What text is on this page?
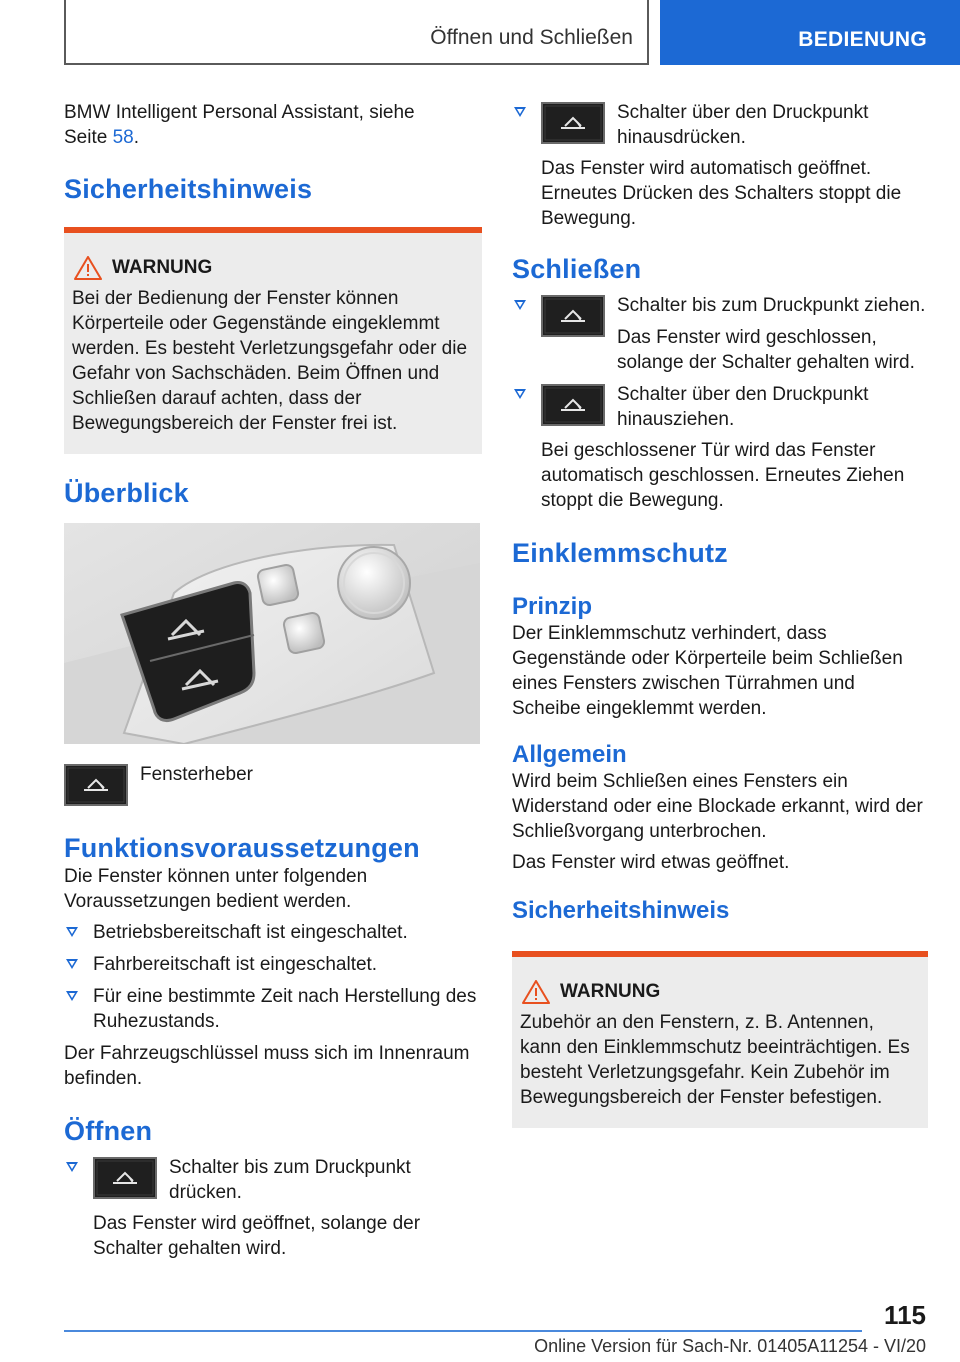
Öffnen und Schließen	BEDIENUNG

BMW Intelligent Personal Assistant, siehe
Seite 58.

Sicherheitshinweis
WARNUNG
Bei der Bedienung der Fenster können Körperteile oder Gegenstände eingeklemmt werden. Es besteht Verletzungsgefahr oder die Gefahr von Sachschäden. Beim Öffnen und Schließen darauf achten, dass der Bewegungsbereich der Fenster frei ist.
Überblick
Fensterheber
Funktionsvoraussetzungen

Die Fenster können unter folgenden Voraussetzungen bedient werden.

Betriebsbereitschaft ist eingeschaltet.
Fahrbereitschaft ist eingeschaltet.
Für eine bestimmte Zeit nach Herstellung des Ruhezustands.

Der Fahrzeugschlüssel muss sich im Innenraum befinden.

Öffnen
Schalter bis zum Druckpunkt drücken.

Das Fenster wird geöffnet, solange der Schalter gehalten wird.

Schalter über den Druckpunkt hinausdrücken.

Das Fenster wird automatisch geöffnet. Erneutes Drücken des Schalters stoppt die Bewegung.

Schließen
Schalter bis zum Druckpunkt ziehen.

Das Fenster wird geschlossen, solange der Schalter gehalten wird.

Schalter über den Druckpunkt hinausziehen.

Bei geschlossener Tür wird das Fenster automatisch geschlossen. Erneutes Ziehen stoppt die Bewegung.

Einklemmschutz
Prinzip

Der Einklemmschutz verhindert, dass Gegenstände oder Körperteile beim Schließen eines Fensters zwischen Türrahmen und Scheibe eingeklemmt werden.

Allgemein

Wird beim Schließen eines Fensters ein Widerstand oder eine Blockade erkannt, wird der Schließvorgang unterbrochen.

Das Fenster wird etwas geöffnet.

Sicherheitshinweis
WARNUNG
Zubehör an den Fenstern, z. B. Antennen, kann den Einklemmschutz beeinträchtigen. Es besteht Verletzungsgefahr. Kein Zubehör im Bewegungsbereich der Fenster befestigen.
115
Online Version für Sach-Nr. 01405A11254 - VI/20
